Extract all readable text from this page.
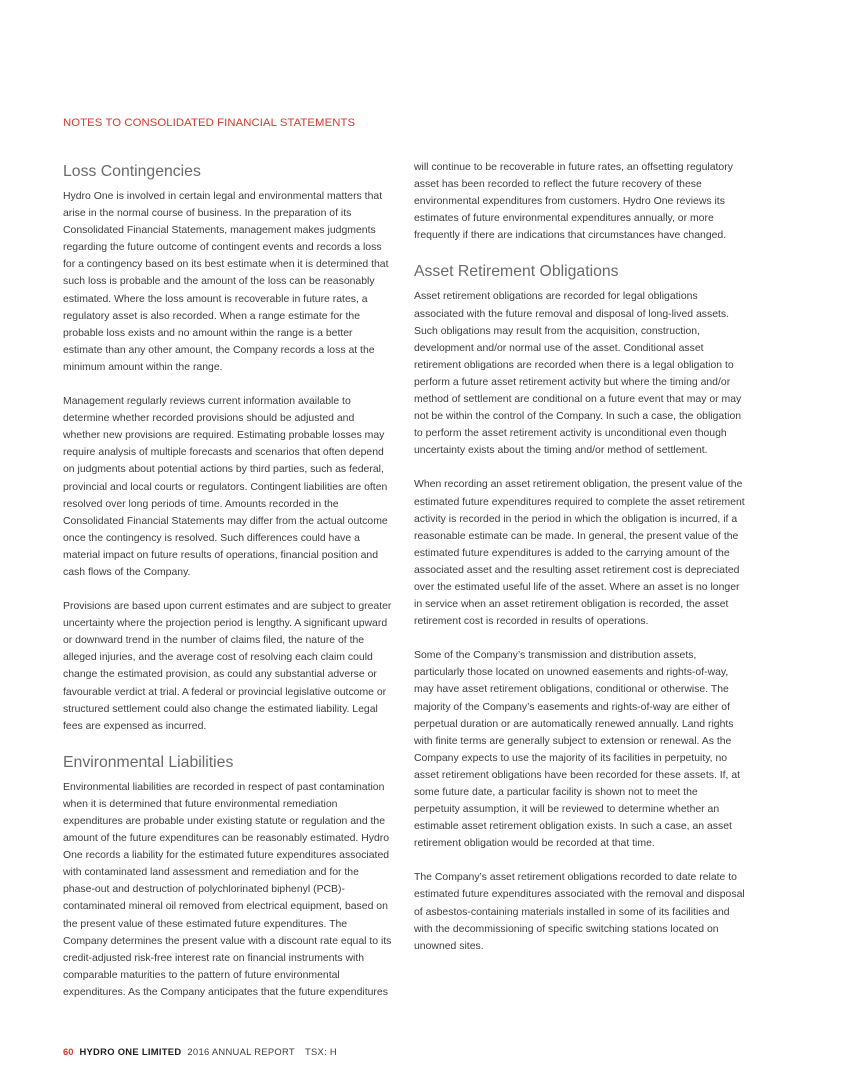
NOTES TO CONSOLIDATED FINANCIAL STATEMENTS
Loss Contingencies

Hydro One is involved in certain legal and environmental matters that arise in the normal course of business. In the preparation of its Consolidated Financial Statements, management makes judgments regarding the future outcome of contingent events and records a loss for a contingency based on its best estimate when it is determined that such loss is probable and the amount of the loss can be reasonably estimated. Where the loss amount is recoverable in future rates, a regulatory asset is also recorded. When a range estimate for the probable loss exists and no amount within the range is a better estimate than any other amount, the Company records a loss at the minimum amount within the range.

Management regularly reviews current information available to determine whether recorded provisions should be adjusted and whether new provisions are required. Estimating probable losses may require analysis of multiple forecasts and scenarios that often depend on judgments about potential actions by third parties, such as federal, provincial and local courts or regulators. Contingent liabilities are often resolved over long periods of time. Amounts recorded in the Consolidated Financial Statements may differ from the actual outcome once the contingency is resolved. Such differences could have a material impact on future results of operations, financial position and cash flows of the Company.

Provisions are based upon current estimates and are subject to greater uncertainty where the projection period is lengthy. A significant upward or downward trend in the number of claims filed, the nature of the alleged injuries, and the average cost of resolving each claim could change the estimated provision, as could any substantial adverse or favourable verdict at trial. A federal or provincial legislative outcome or structured settlement could also change the estimated liability. Legal fees are expensed as incurred.

Environmental Liabilities

Environmental liabilities are recorded in respect of past contamination when it is determined that future environmental remediation expenditures are probable under existing statute or regulation and the amount of the future expenditures can be reasonably estimated. Hydro One records a liability for the estimated future expenditures associated with contaminated land assessment and remediation and for the phase-out and destruction of polychlorinated biphenyl (PCB)-contaminated mineral oil removed from electrical equipment, based on the present value of these estimated future expenditures. The Company determines the present value with a discount rate equal to its credit-adjusted risk-free interest rate on financial instruments with comparable maturities to the pattern of future environmental expenditures. As the Company anticipates that the future expenditures

will continue to be recoverable in future rates, an offsetting regulatory asset has been recorded to reflect the future recovery of these environmental expenditures from customers. Hydro One reviews its estimates of future environmental expenditures annually, or more frequently if there are indications that circumstances have changed.

Asset Retirement Obligations

Asset retirement obligations are recorded for legal obligations associated with the future removal and disposal of long-lived assets. Such obligations may result from the acquisition, construction, development and/or normal use of the asset. Conditional asset retirement obligations are recorded when there is a legal obligation to perform a future asset retirement activity but where the timing and/or method of settlement are conditional on a future event that may or may not be within the control of the Company. In such a case, the obligation to perform the asset retirement activity is unconditional even though uncertainty exists about the timing and/or method of settlement.

When recording an asset retirement obligation, the present value of the estimated future expenditures required to complete the asset retirement activity is recorded in the period in which the obligation is incurred, if a reasonable estimate can be made. In general, the present value of the estimated future expenditures is added to the carrying amount of the associated asset and the resulting asset retirement cost is depreciated over the estimated useful life of the asset. Where an asset is no longer in service when an asset retirement obligation is recorded, the asset retirement cost is recorded in results of operations.

Some of the Company’s transmission and distribution assets, particularly those located on unowned easements and rights-of-way, may have asset retirement obligations, conditional or otherwise. The majority of the Company’s easements and rights-of-way are either of perpetual duration or are automatically renewed annually. Land rights with finite terms are generally subject to extension or renewal. As the Company expects to use the majority of its facilities in perpetuity, no asset retirement obligations have been recorded for these assets. If, at some future date, a particular facility is shown not to meet the perpetuity assumption, it will be reviewed to determine whether an estimable asset retirement obligation exists. In such a case, an asset retirement obligation would be recorded at that time.

The Company’s asset retirement obligations recorded to date relate to estimated future expenditures associated with the removal and disposal of asbestos-containing materials installed in some of its facilities and with the decommissioning of specific switching stations located on unowned sites.

60 HYDRO ONE LIMITED 2016 ANNUAL REPORT TSX: H
